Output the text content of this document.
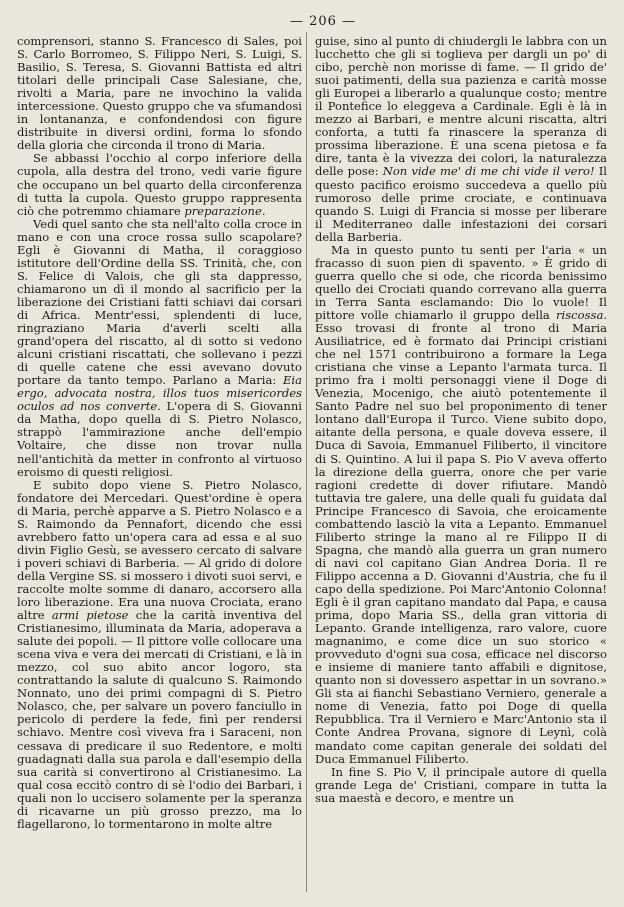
— 206 —

comprensori, stanno S. Francesco di Sales, poi S. Carlo Borromeo, S. Filippo Neri, S. Luigi, S. Basilio, S. Teresa, S. Giovanni Battista ed altri titolari delle principali Case Salesiane, che, rivolti a Maria, pare ne invochino la valida intercessione. Questo gruppo che va sfumandosi in lontananza, e confondendosi con figure distribuite in diversi ordini, forma lo sfondo della gloria che circonda il trono di Maria.

Se abbassi l'occhio al corpo inferiore della cupola, alla destra del trono, vedi varie figure che occupano un bel quarto della circonferenza di tutta la cupola. Questo gruppo rappresenta ciò che potremmo chiamare preparazione.

Vedi quel santo che sta nell'alto colla croce in mano e con una croce rossa sullo scapolare? Egli è Giovanni di Matha, il coraggioso istitutore dell'Ordine della SS. Trinità, che, con S. Felice di Valois, che gli sta dappresso, chiamarono un dì il mondo al sacrificio per la liberazione dei Cristiani fatti schiavi dai corsari di Africa. Mentr'essi, splendenti di luce, ringraziano Maria d'averli scelti alla grand'opera del riscatto, al di sotto si vedono alcuni cristiani riscattati, che sollevano i pezzi di quelle catene che essi avevano dovuto portare da tanto tempo. Parlano a Maria: Eia ergo, advocata nostra, illos tuos misericordes oculos ad nos converte. L'opera di S. Giovanni da Matha, dopo quella di S. Pietro Nolasco, strappò l'ammirazione anche dell'empio Voltaire, che disse non trovar nulla nell'antichità da metter in confronto al virtuoso eroismo di questi religiosi.

E subito dopo viene S. Pietro Nolasco, fondatore dei Mercedari. Quest'ordine è opera di Maria, perchè apparve a S. Pietro Nolasco e a S. Raimondo da Pennafort, dicendo che essi avrebbero fatto un'opera cara ad essa e al suo divin Figlio Gesù, se avessero cercato di salvare i poveri schiavi di Barberia. — Al grido di dolore della Vergine SS. si mossero i divoti suoi servi, e raccolte molte somme di danaro, accorsero alla loro liberazione. Era una nuova Crociata, erano altre armi pietose che la carità inventiva del Cristianesimo, illuminata da Maria, adoperava a salute dei popoli. — Il pittore volle collocare una scena viva e vera dei mercati di Cristiani, e là in mezzo, col suo abito ancor logoro, sta contrattando la salute di qualcuno S. Raimondo Nonnato, uno dei primi compagni di S. Pietro Nolasco, che, per salvare un povero fanciullo in pericolo di perdere la fede, finì per rendersi schiavo. Mentre così viveva fra i Saraceni, non cessava di predicare il suo Redentore, e molti guadagnati dalla sua parola e dall'esempio della sua carità si convertirono al Cristianesimo. La qual cosa eccitò contro di sè l'odio dei Barbari, i quali non lo uccisero solamente per la speranza di ricavarne un più grosso prezzo, ma lo flagellarono, lo tormentarono in molte altre

guise, sino al punto di chiudergli le labbra con un lucchetto che gli si toglieva per dargli un po' di cibo, perchè non morisse di fame. — Il grido de' suoi patimenti, della sua pazienza e carità mosse gli Europei a liberarlo a qualunque costo; mentre il Pontefice lo eleggeva a Cardinale. Egli è là in mezzo ai Barbari, e mentre alcuni riscatta, altri conforta, a tutti fa rinascere la speranza di prossima liberazione. È una scena pietosa e fa dire, tanta è la vivezza dei colori, la naturalezza delle pose: Non vide me' di me chi vide il vero! Il questo pacifico eroismo succedeva a quello più rumoroso delle prime crociate, e continuava quando S. Luigi di Francia si mosse per liberare il Mediterraneo dalle infestazioni dei corsari della Barberia.

Ma in questo punto tu senti per l'aria « un fracasso di suon pien di spavento. » È grido di guerra quello che si ode, che ricorda benissimo quello dei Crociati quando correvano alla guerra in Terra Santa esclamando: Dio lo vuole! Il pittore volle chiamarlo il gruppo della riscossa. Esso trovasi di fronte al trono di Maria Ausiliatrice, ed è formato dai Principi cristiani che nel 1571 contribuirono a formare la Lega cristiana che vinse a Lepanto l'armata turca. Il primo fra i molti personaggi viene il Doge di Venezia, Mocenigo, che aiutò potentemente il Santo Padre nel suo bel proponimento di tener lontano dall'Europa il Turco. Viene subito dopo, aitante della persona, e quale doveva essere, il Duca di Savoia, Emmanuel Filiberto, il vincitore di S. Quintino. A lui il papa S. Pio V aveva offerto la direzione della guerra, onore che per varie ragioni credette di dover rifiutare. Mandò tuttavia tre galere, una delle quali fu guidata dal Principe Francesco di Savoia, che eroicamente combattendo lasciò la vita a Lepanto. Emmanuel Filiberto stringe la mano al re Filippo II di Spagna, che mandò alla guerra un gran numero di navi col capitano Gian Andrea Doria. Il re Filippo accenna a D. Giovanni d'Austria, che fu il capo della spedizione. Poi Marc'Antonio Colonna! Egli è il gran capitano mandato dal Papa, e causa prima, dopo Maria SS., della gran vittoria di Lepanto. Grande intelligenza, raro valore, cuore magnanimo, e come dice un suo storico « provveduto d'ogni sua cosa, efficace nel discorso e insieme di maniere tanto affabili e dignitose, quanto non si dovessero aspettar in un sovrano.» Gli sta ai fianchi Sebastiano Verniero, generale a nome di Venezia, fatto poi Doge di quella Repubblica. Tra il Verniero e Marc'Antonio sta il Conte Andrea Provana, signore di Leynì, colà mandato come capitan generale dei soldati del Duca Emmanuel Filiberto.

In fine S. Pio V, il principale autore di quella grande Lega de' Cristiani, compare in tutta la sua maestà e decoro, e mentre un
